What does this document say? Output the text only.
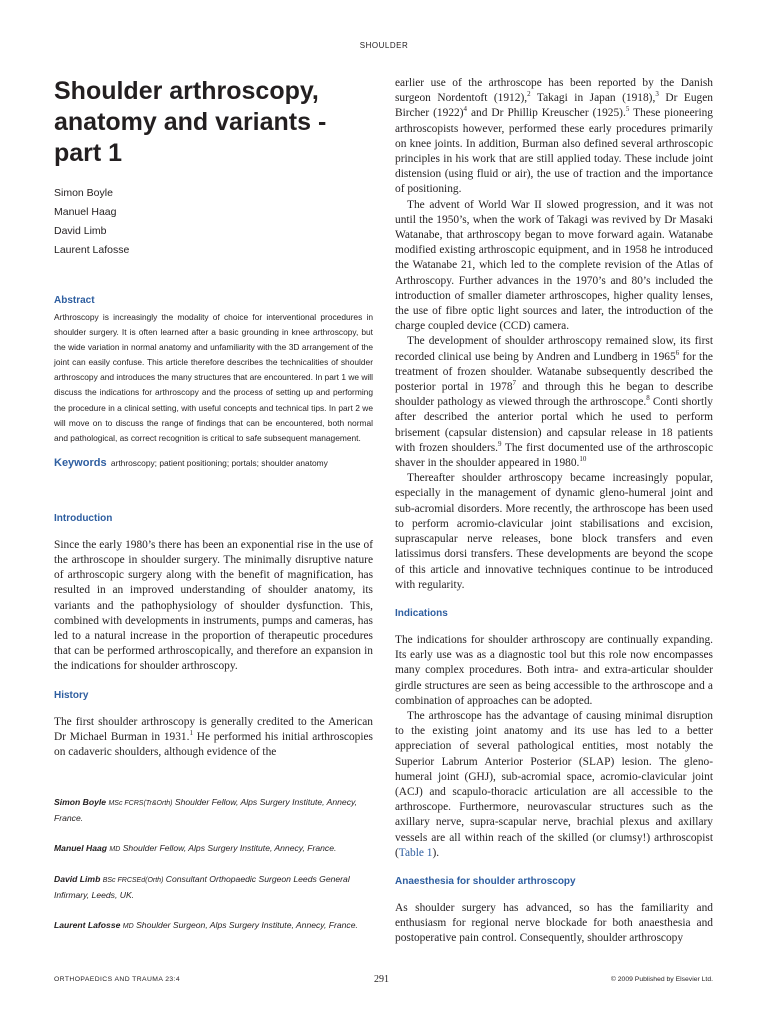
SHOULDER
Shoulder arthroscopy, anatomy and variants - part 1
Simon Boyle
Manuel Haag
David Limb
Laurent Lafosse
Abstract
Arthroscopy is increasingly the modality of choice for interventional procedures in shoulder surgery. It is often learned after a basic grounding in knee arthroscopy, but the wide variation in normal anatomy and unfamiliarity with the 3D arrangement of the joint can easily confuse. This article therefore describes the technicalities of shoulder arthroscopy and introduces the many structures that are encountered. In part 1 we will discuss the indications for arthroscopy and the process of setting up and performing the procedure in a clinical setting, with useful concepts and technical tips. In part 2 we will move on to discuss the range of findings that can be encountered, both normal and pathological, as correct recognition is critical to safe subsequent management.
Keywords arthroscopy; patient positioning; portals; shoulder anatomy
Introduction

Since the early 1980’s there has been an exponential rise in the use of the arthroscope in shoulder surgery. The minimally disruptive nature of arthroscopic surgery along with the benefit of magnification, has resulted in an improved understanding of shoulder anatomy, its variants and the pathophysiology of shoulder dysfunction. This, combined with developments in instruments, pumps and cameras, has led to a natural increase in the proportion of therapeutic procedures that can be performed arthroscopically, and therefore an expansion in the indications for shoulder arthroscopy.

History

The first shoulder arthroscopy is generally credited to the American Dr Michael Burman in 1931.$^1$ He performed his initial arthroscopies on cadaveric shoulders, although evidence of the

Simon Boyle MSc FCRS(Tr&Orth) Shoulder Fellow, Alps Surgery Institute, Annecy, France.

Manuel Haag MD Shoulder Fellow, Alps Surgery Institute, Annecy, France.

David Limb BSc FRCSEd(Orth) Consultant Orthopaedic Surgeon Leeds General Infirmary, Leeds, UK.

Laurent Lafosse MD Shoulder Surgeon, Alps Surgery Institute, Annecy, France.

earlier use of the arthroscope has been reported by the Danish surgeon Nordentoft (1912),$^2$ Takagi in Japan (1918),$^3$ Dr Eugen Bircher $(1922)^4$ and Dr Phillip Kreuscher (1925).$^5$ These pioneering arthroscopists however, performed these early procedures primarily on knee joints. In addition, Burman also defined several arthroscopic principles in his work that are still applied today. These include joint distension (using fluid or air), the use of traction and the importance of positioning.

The advent of World War II slowed progression, and it was not until the 1950’s, when the work of Takagi was revived by Dr Masaki Watanabe, that arthroscopy began to move forward again. Watanabe modified existing arthroscopic equipment, and in 1958 he introduced the Watanabe 21, which led to the complete revision of the Atlas of Arthroscopy. Further advances in the 1970’s and 80’s included the introduction of smaller diameter arthroscopes, higher quality lenses, the use of fibre optic light sources and later, the introduction of the charge coupled device (CCD) camera.

The development of shoulder arthroscopy remained slow, its first recorded clinical use being by Andren and Lundberg in 1965$^6$ for the treatment of frozen shoulder. Watanabe subsequently described the posterior portal in 1978$^7$ and through this he began to describe shoulder pathology as viewed through the arthroscope.$^8$ Conti shortly after described the anterior portal which he used to perform brisement (capsular distension) and capsular release in 18 patients with frozen shoulders.$^9$ The first documented use of the arthroscopic shaver in the shoulder appeared in 1980.10

Thereafter shoulder arthroscopy became increasingly popular, especially in the management of dynamic gleno-humeral joint and sub-acromial disorders. More recently, the arthroscope has been used to perform acromio-clavicular joint stabilisations and excision, suprascapular nerve releases, bone block transfers and even latissimus dorsi transfers. These developments are beyond the scope of this article and innovative techniques continue to be introduced with regularity.

Indications

The indications for shoulder arthroscopy are continually expanding. Its early use was as a diagnostic tool but this role now encompasses many complex procedures. Both intra- and extra-articular shoulder girdle structures are seen as being accessible to the arthroscope and a combination of approaches can be adopted.

The arthroscope has the advantage of causing minimal disruption to the existing joint anatomy and its use has led to a better appreciation of several pathological entities, most notably the Superior Labrum Anterior Posterior (SLAP) lesion. The gleno-humeral joint (GHJ), sub-acromial space, acromio-clavicular joint (ACJ) and scapulo-thoracic articulation are all accessible to the arthroscope. Furthermore, neurovascular structures such as the axillary nerve, supra-scapular nerve, brachial plexus and axillary vessels are all within reach of the skilled (or clumsy!) arthroscopist (Table 1).

Anaesthesia for shoulder arthroscopy

As shoulder surgery has advanced, so has the familiarity and enthusiasm for regional nerve blockade for both anaesthesia and postoperative pain control. Consequently, shoulder arthroscopy

ORTHOPAEDICS AND TRAUMA 23:4	291	© 2009 Published by Elsevier Ltd.
